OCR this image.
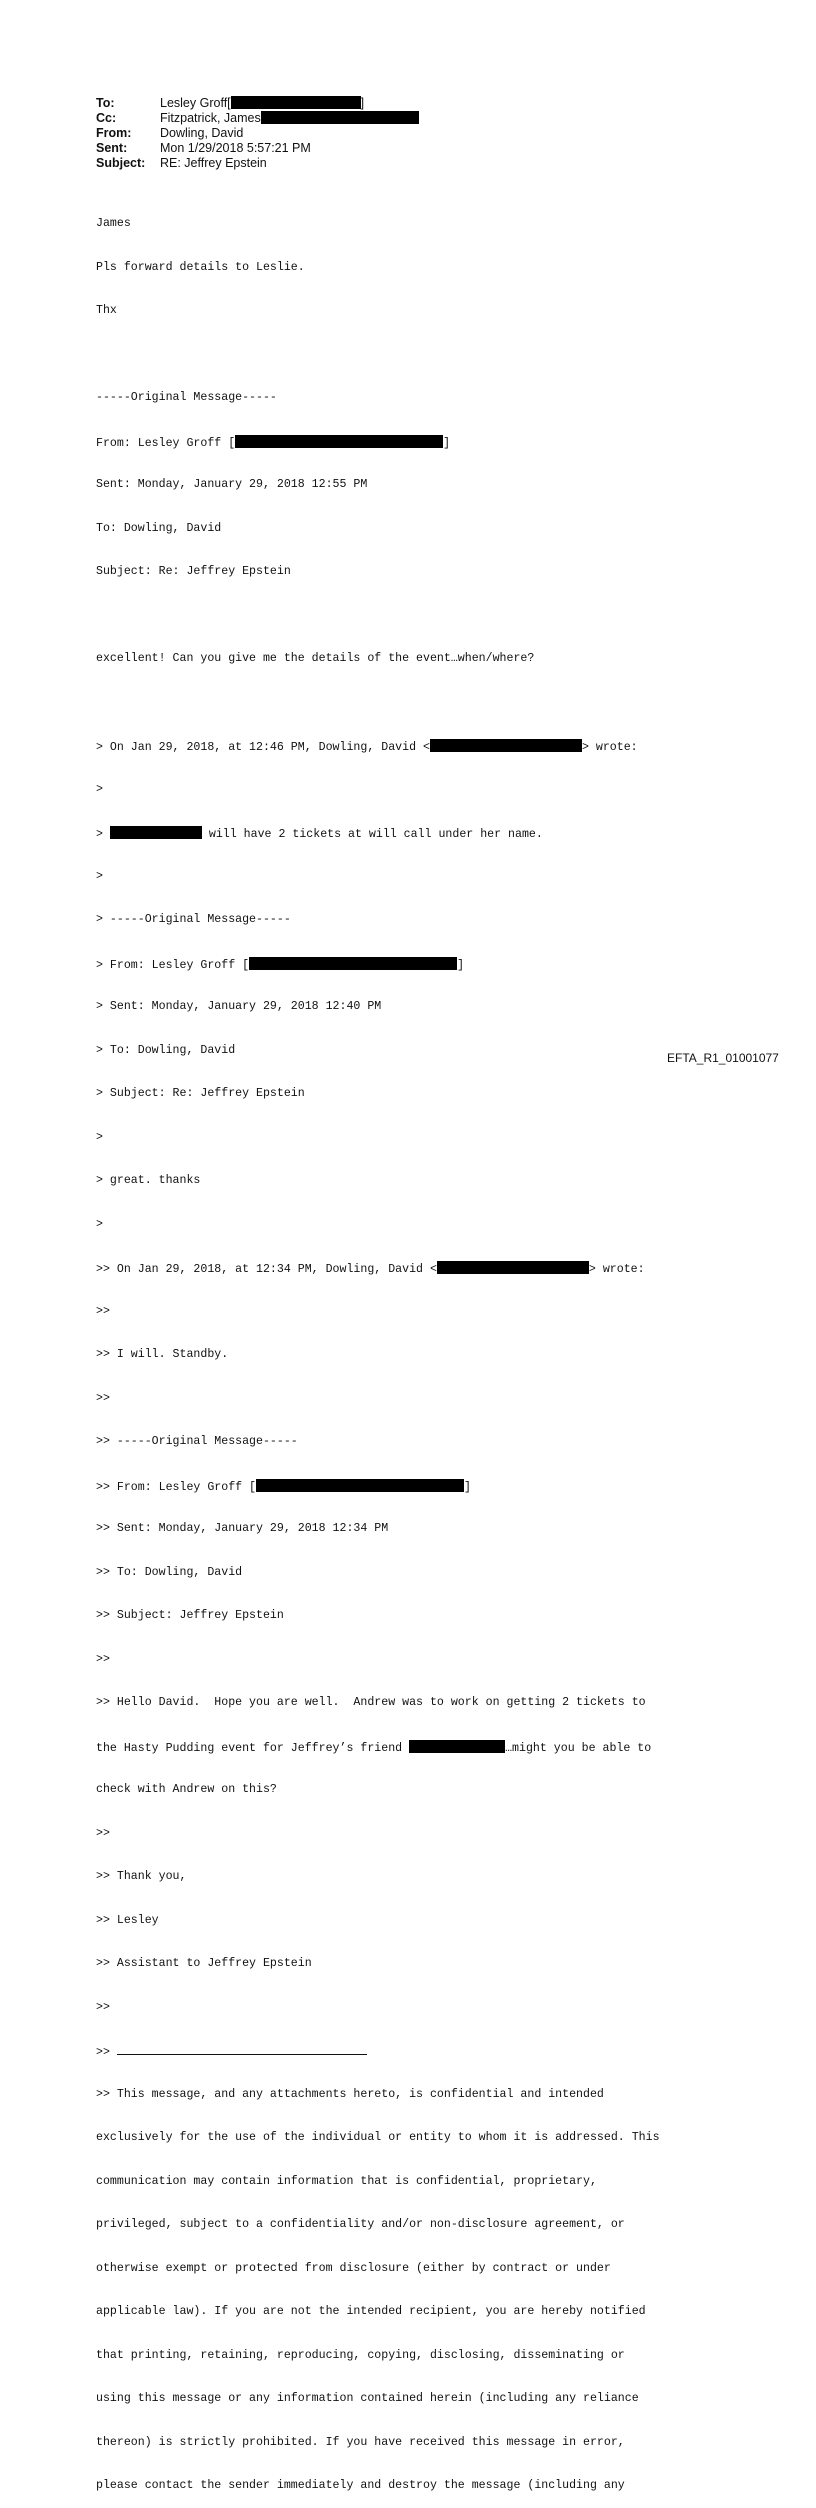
To:	Lesley Groff[	]
Cc:	Fitzpatrick, James
From:	Dowling, David
Sent:	Mon 1/29/2018 5:57:21 PM
Subject:	RE: Jeffrey Epstein

James

Pls forward details to Leslie.

Thx

-----Original Message-----

From: Lesley Groff [	]

Sent: Monday, January 29, 2018 12:55 PM

To: Dowling, David

Subject: Re: Jeffrey Epstein

excellent! Can you give me the details of the event…when/where?

> On Jan 29, 2018, at 12:46 PM, Dowling, David <	> wrote:

>

>	will have 2 tickets at will call under her name.

>

> -----Original Message-----

> From: Lesley Groff [	]

> Sent: Monday, January 29, 2018 12:40 PM

> To: Dowling, David

> Subject: Re: Jeffrey Epstein

>

> great. thanks

>

>> On Jan 29, 2018, at 12:34 PM, Dowling, David <	> wrote:

>>

>> I will. Standby.

>>

>> -----Original Message-----

>> From: Lesley Groff [	]

>> Sent: Monday, January 29, 2018 12:34 PM

>> To: Dowling, David

>> Subject: Jeffrey Epstein

>>

>> Hello David.  Hope you are well.  Andrew was to work on getting 2 tickets to

the Hasty Pudding event for Jeffrey’s friend	…might you be able to

check with Andrew on this?

>>

>> Thank you,

>> Lesley

>> Assistant to Jeffrey Epstein

>>

>>

>> This message, and any attachments hereto, is confidential and intended

exclusively for the use of the individual or entity to whom it is addressed. This

communication may contain information that is confidential, proprietary,

privileged, subject to a confidentiality and/or non-disclosure agreement, or

otherwise exempt or protected from disclosure (either by contract or under

applicable law). If you are not the intended recipient, you are hereby notified

that printing, retaining, reproducing, copying, disclosing, disseminating or

using this message or any information contained herein (including any reliance

thereon) is strictly prohibited. If you have received this message in error,

please contact the sender immediately and destroy the message (including any

EFTA_R1_01001077
